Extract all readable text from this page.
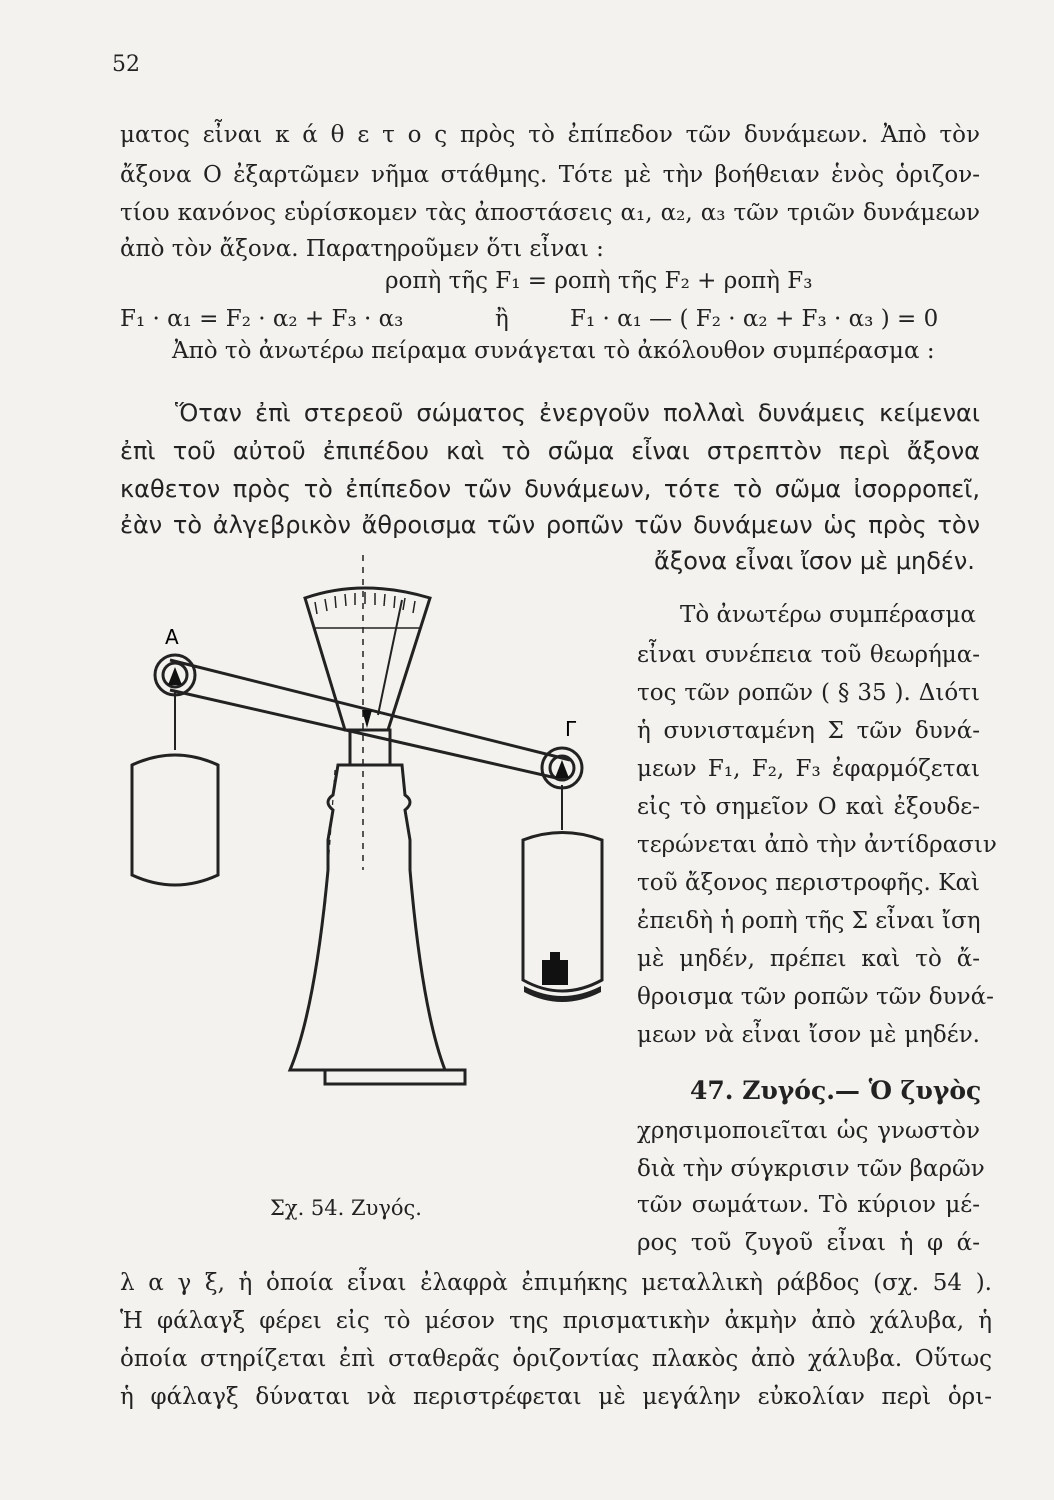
52
ματος εἶναι κ ά θ ε τ ο ς πρὸς τὸ ἐπίπεδον τῶν δυνάμεων. Ἀπὸ τὸν
ἄξονα Ο ἐξαρτῶμεν νῆμα στάθμης. Τότε μὲ τὴν βοήθειαν ἑνὸς ὁριζον-
τίου κανόνος εὑρίσκομεν τὰς ἀποστάσεις α₁, α₂, α₃ τῶν τριῶν δυνάμεων
ἀπὸ τὸν ἄξονα. Παρατηροῦμεν ὅτι εἶναι :
ροπὴ τῆς F₁ = ροπὴ τῆς F₂ + ροπὴ F₃
F₁ · α₁ = F₂ · α₂ + F₃ · α₃	ἢ	F₁ · α₁ — ( F₂ · α₂ + F₃ · α₃ ) = 0
Ἀπὸ τὸ ἀνωτέρω πείραμα συνάγεται τὸ ἀκόλουθον συμπέρασμα :
Ὅταν ἐπὶ στερεοῦ σώματος ἐνεργοῦν πολλαὶ δυνάμεις κείμεναι
ἐπὶ τοῦ αὐτοῦ ἐπιπέδου καὶ τὸ σῶμα εἶναι στρεπτὸν περὶ ἄξονα
καθετον πρὸς τὸ ἐπίπεδον τῶν δυνάμεων, τότε τὸ σῶμα ἰσορροπεῖ,
ἐὰν τὸ ἀλγεβρικὸν ἄθροισμα τῶν ροπῶν τῶν δυνάμεων ὡς πρὸς τὸν
ἄξονα εἶναι ἴσον μὲ μηδέν.
Τὸ ἀνωτέρω συμπέρασμα
εἶναι συνέπεια τοῦ θεωρήμα-
τος τῶν ροπῶν ( § 35 ). Διότι
ἡ συνισταμένη Σ τῶν δυνά-
μεων F₁, F₂, F₃ ἐφαρμόζεται
εἰς τὸ σημεῖον Ο καὶ ἐξουδε-
τερώνεται ἀπὸ τὴν ἀντίδρασιν
τοῦ ἄξονος περιστροφῆς. Καὶ
ἐπειδὴ ἡ ροπὴ τῆς Σ εἶναι ἴση
μὲ μηδέν, πρέπει καὶ τὸ ἄ-
θροισμα τῶν ροπῶν τῶν δυνά-
μεων νὰ εἶναι ἴσον μὲ μηδέν.
47. Ζυγός.— Ὁ ζυγὸς
χρησιμοποιεῖται ὡς γνωστὸν
διὰ τὴν σύγκρισιν τῶν βαρῶν
τῶν σωμάτων. Τὸ κύριον μέ-
ρος τοῦ ζυγοῦ εἶναι ἡ φ ά-
λ α γ ξ, ἡ ὁποία εἶναι ἐλαφρὰ ἐπιμήκης μεταλλικὴ ράβδος (σχ. 54 ).
Ἡ φάλαγξ φέρει εἰς τὸ μέσον της πρισματικὴν ἀκμὴν ἀπὸ χάλυβα, ἡ
ὁποία στηρίζεται ἐπὶ σταθερᾶς ὁριζοντίας πλακὸς ἀπὸ χάλυβα. Οὕτως
ἡ φάλαγξ δύναται νὰ περιστρέφεται μὲ μεγάλην εὐκολίαν περὶ ὁρι-
Α
Γ
Σχ. 54. Ζυγός.
